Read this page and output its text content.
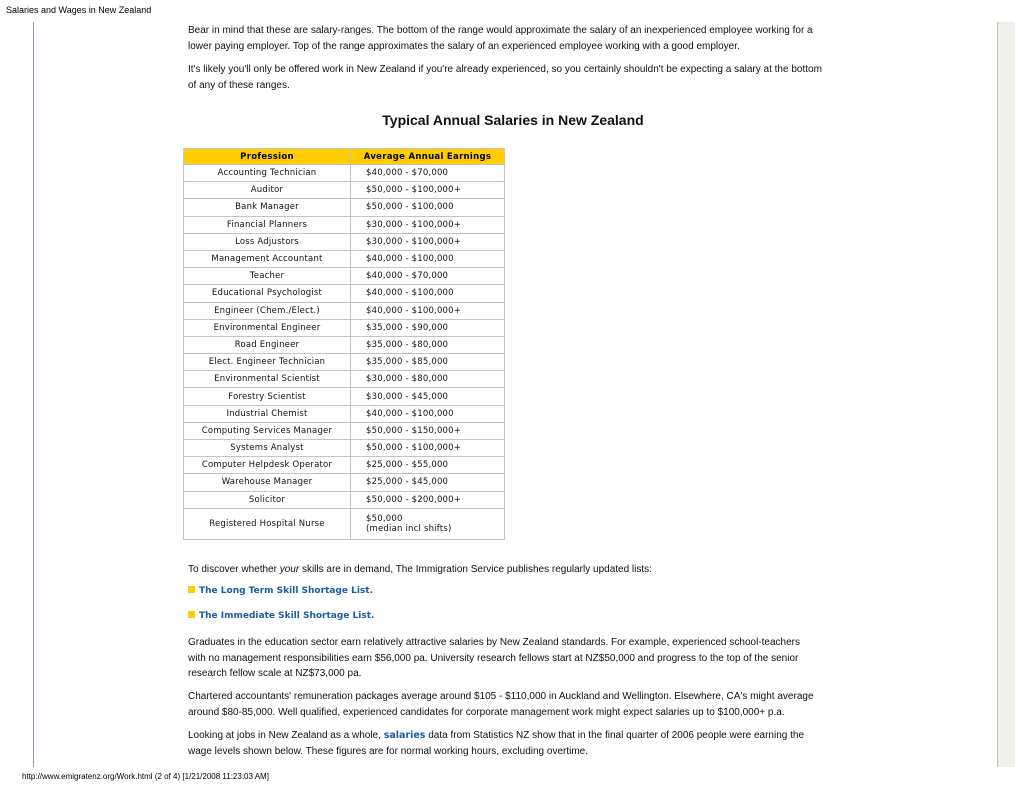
Salaries and Wages in New Zealand

Bear in mind that these are salary-ranges. The bottom of the range would approximate the salary of an inexperienced employee working for a lower paying employer. Top of the range approximates the salary of an experienced employee working with a good employer.

It's likely you'll only be offered work in New Zealand if you're already experienced, so you certainly shouldn't be expecting a salary at the bottom of any of these ranges.

Typical Annual Salaries in New Zealand
Profession	Average Annual Earnings
Accounting Technician	$40,000 - $70,000
Auditor	$50,000 - $100,000+
Bank Manager	$50,000 - $100,000
Financial Planners	$30,000 - $100,000+
Loss Adjustors	$30,000 - $100,000+
Management Accountant	$40,000 - $100,000
Teacher	$40,000 - $70,000
Educational Psychologist	$40,000 - $100,000
Engineer (Chem./Elect.)	$40,000 - $100,000+
Environmental Engineer	$35,000 - $90,000
Road Engineer	$35,000 - $80,000
Elect. Engineer Technician	$35,000 - $85,000
Environmental Scientist	$30,000 - $80,000
Forestry Scientist	$30,000 - $45,000
Industrial Chemist	$40,000 - $100,000
Computing Services Manager	$50,000 - $150,000+
Systems Analyst	$50,000 - $100,000+
Computer Helpdesk Operator	$25,000 - $55,000
Warehouse Manager	$25,000 - $45,000
Solicitor	$50,000 - $200,000+
Registered Hospital Nurse	$50,000
(median incl shifts)

To discover whether your skills are in demand, The Immigration Service publishes regularly updated lists:

The Long Term Skill Shortage List.
The Immediate Skill Shortage List.

Graduates in the education sector earn relatively attractive salaries by New Zealand standards. For example, experienced school-teachers with no management responsibilities earn $56,000 pa. University research fellows start at NZ$50,000 and progress to the top of the senior research fellow scale at NZ$73,000 pa.

Chartered accountants' remuneration packages average around $105 - $110,000 in Auckland and Wellington. Elsewhere, CA's might average around $80-85,000. Well qualified, experienced candidates for corporate management work might expect salaries up to $100,000+ p.a.

Looking at jobs in New Zealand as a whole, salaries data from Statistics NZ show that in the final quarter of 2006 people were earning the wage levels shown below. These figures are for normal working hours, excluding overtime.

http://www.emigratenz.org/Work.html (2 of 4) [1/21/2008 11:23:03 AM]
